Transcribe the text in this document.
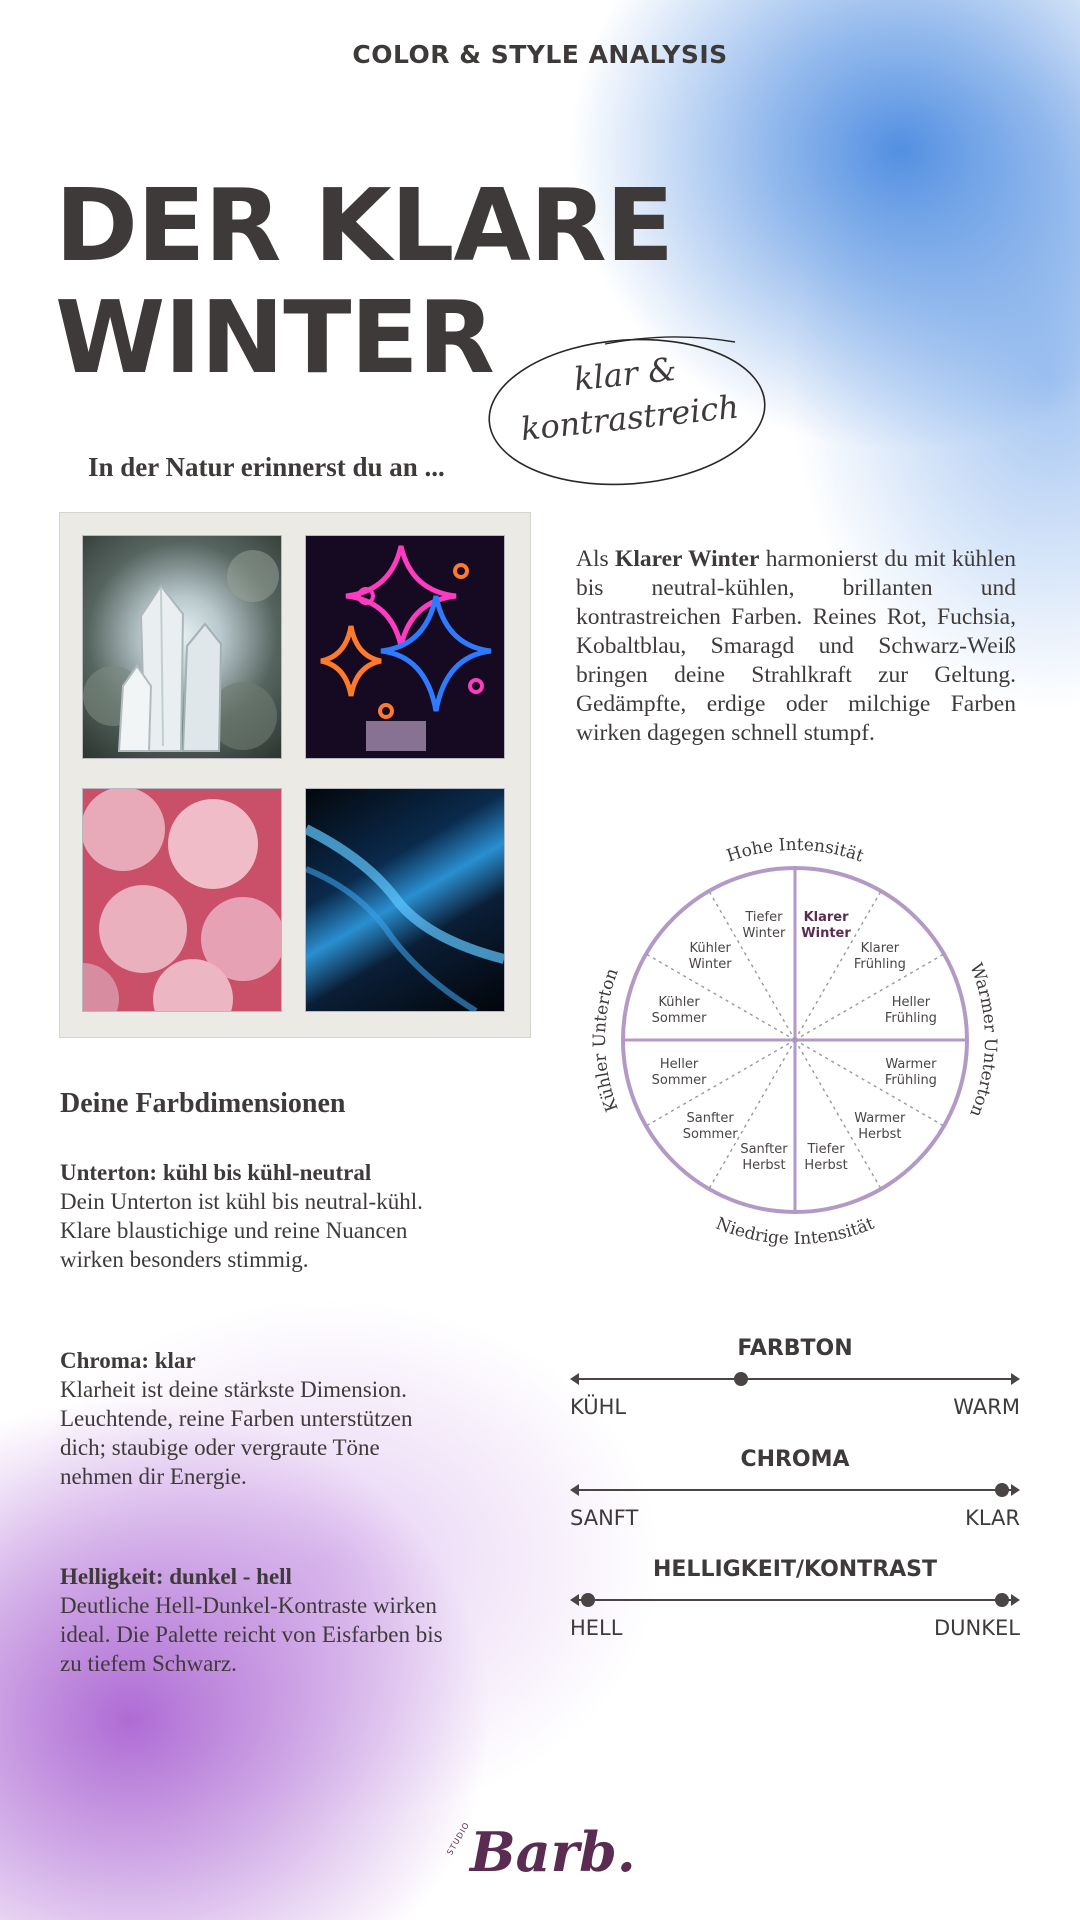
COLOR & STYLE ANALYSIS
DER KLARE
WINTER	klar &
kontrastreich
In der Natur erinnerst du an ...
Als Klarer Winter harmonierst du mit kühlen bis neutral-kühlen, brillanten und kontrastreichen Farben. Reines Rot, Fuchsia, Kobaltblau, Smaragd und Schwarz-Weiß bringen deine Strahlkraft zur Geltung. Gedämpfte, erdige oder milchige Farben wirken dagegen schnell stumpf.
Klarer Winter
Klarer Frühling
Heller Frühling
Warmer Frühling
Warmer Herbst
Tiefer Herbst
Sanfter Herbst
Sanfter Sommer
Heller Sommer
Kühler Sommer
Kühler Winter
Tiefer Winter
Hohe Intensität
Niedrige Intensität
Kühler Unterton	Warmer Unterton
Deine Farbdimensionen
Unterton: kühl bis kühl-neutral
Dein Unterton ist kühl bis neutral-kühl. Klare blaustichige und reine Nuancen wirken besonders stimmig.
Chroma: klar
Klarheit ist deine stärkste Dimension. Leuchtende, reine Farben unterstützen dich; staubige oder vergraute Töne nehmen dir Energie.
Helligkeit: dunkel - hell
Deutliche Hell-Dunkel-Kontraste wirken ideal. Die Palette reicht von Eisfarben bis zu tiefem Schwarz.
FARBTON
KÜHL	WARM
CHROMA
SANFT	KLAR
HELLIGKEIT/KONTRAST
HELL	DUNKEL
STUDIO
Barb.
